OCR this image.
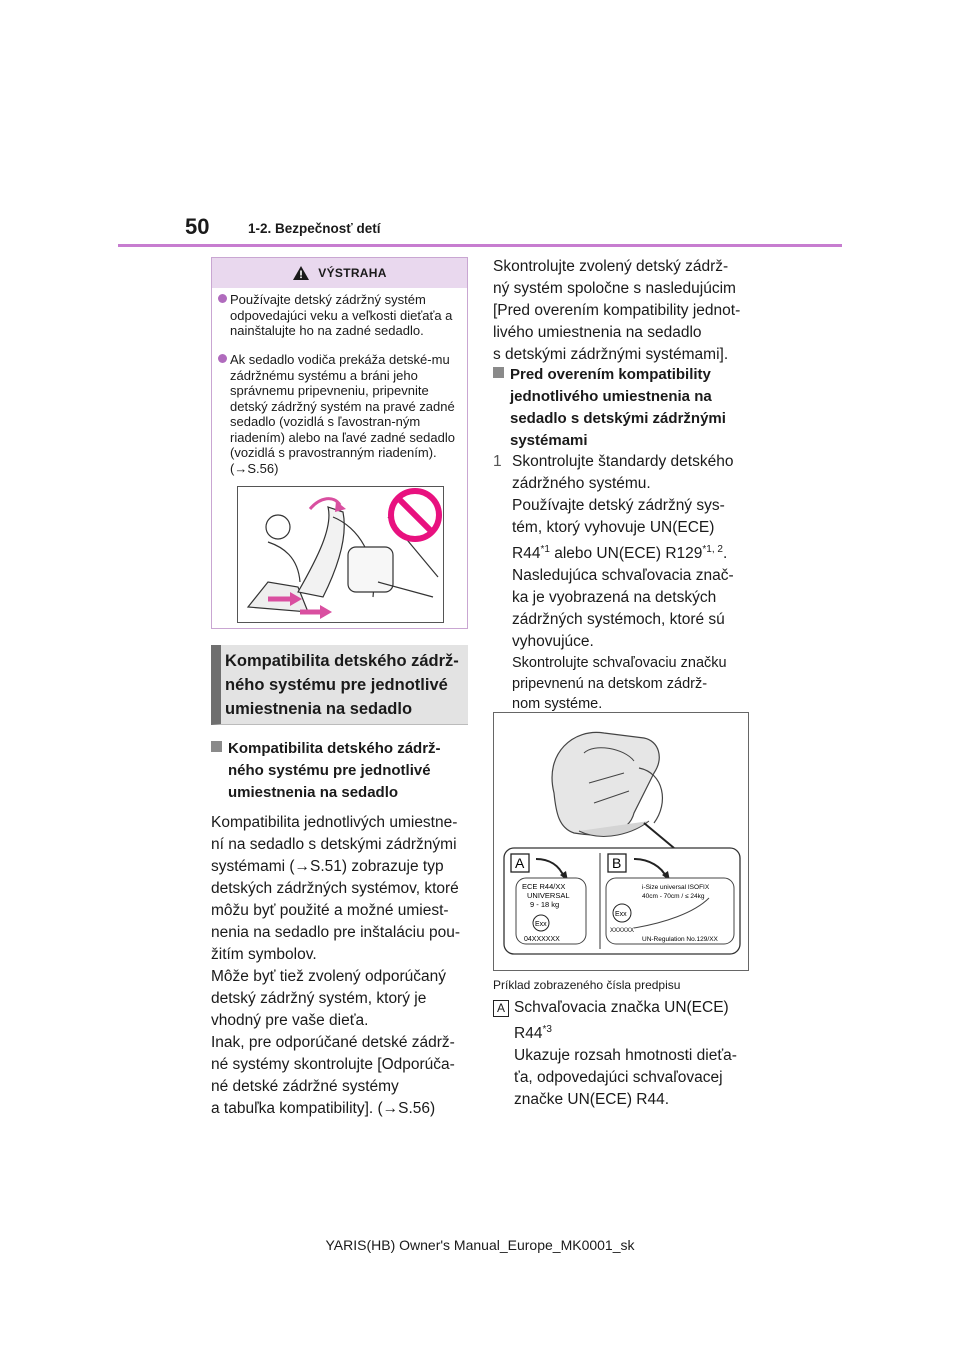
50	1-2. Bezpečnosť detí
VÝSTRAHA
Používajte detský zádržný systém odpovedajúci veku a veľkosti dieťaťa a nainštalujte ho na zadné sedadlo.
Ak sedadlo vodiča prekáža detské-mu zádržnému systému a bráni jeho správnemu pripevneniu, pripevnite detský zádržný systém na pravé zadné sedadlo (vozidlá s ľavostran-ným riadením) alebo na ľavé zadné sedadlo (vozidlá s pravostranným riadením). (→S.56)
Kompatibilita detského zádrž-
ného systému pre jednotlivé
umiestnenia na sedadlo
Kompatibilita detského zádrž-
ného systému pre jednotlivé
umiestnenia na sedadlo
Kompatibilita jednotlivých umiestne-
ní na sedadlo s detskými zádržnými
systémami (→S.51) zobrazuje typ
detských zádržných systémov, ktoré
môžu byť použité a možné umiest-
nenia na sedadlo pre inštaláciu pou-
žitím symbolov.
Môže byť tiež zvolený odporúčaný
detský zádržný systém, ktorý je
vhodný pre vaše dieťa.
Inak, pre odporúčané detské zádrž-
né systémy skontrolujte [Odporúča-
né detské zádržné systémy
a tabuľka kompatibility]. (→S.56)
Skontrolujte zvolený detský zádrž-
ný systém spoločne s nasledujúcim
[Pred overením kompatibility jednot-
livého umiestnenia na sedadlo
s detskými zádržnými systémami].
Pred overením kompatibility
jednotlivého umiestnenia na
sedadlo s detskými zádržnými
systémami
1 Skontrolujte štandardy detského
zádržného systému.
Používajte detský zádržný sys-
tém, ktorý vyhovuje UN(ECE)
R44$^{*1}$ alebo UN(ECE) R129$^{*1, 2}$.
Nasledujúca schvaľovacia znač-
ka je vyobrazená na detských
zádržných systémoch, ktoré sú
vyhovujúce.
Skontrolujte schvaľovaciu značku
pripevnenú na detskom zádrž-
nom systéme.
A
ECE R44/XX
UNIVERSAL
9 - 18 kg
Exx
04XXXXXX
B
i-Size universal ISOFIX
40cm - 70cm / ≤ 24kg
Exx
XXXXXX
UN-Regulation No.129/XX
Príklad zobrazeného čísla predpisu
A Schvaľovacia značka UN(ECE)
R44$^{*3}$
Ukazuje rozsah hmotnosti dieťa-
ťa, odpovedajúci schvaľovacej
značke UN(ECE) R44.
YARIS(HB) Owner's Manual_Europe_MK0001_sk
